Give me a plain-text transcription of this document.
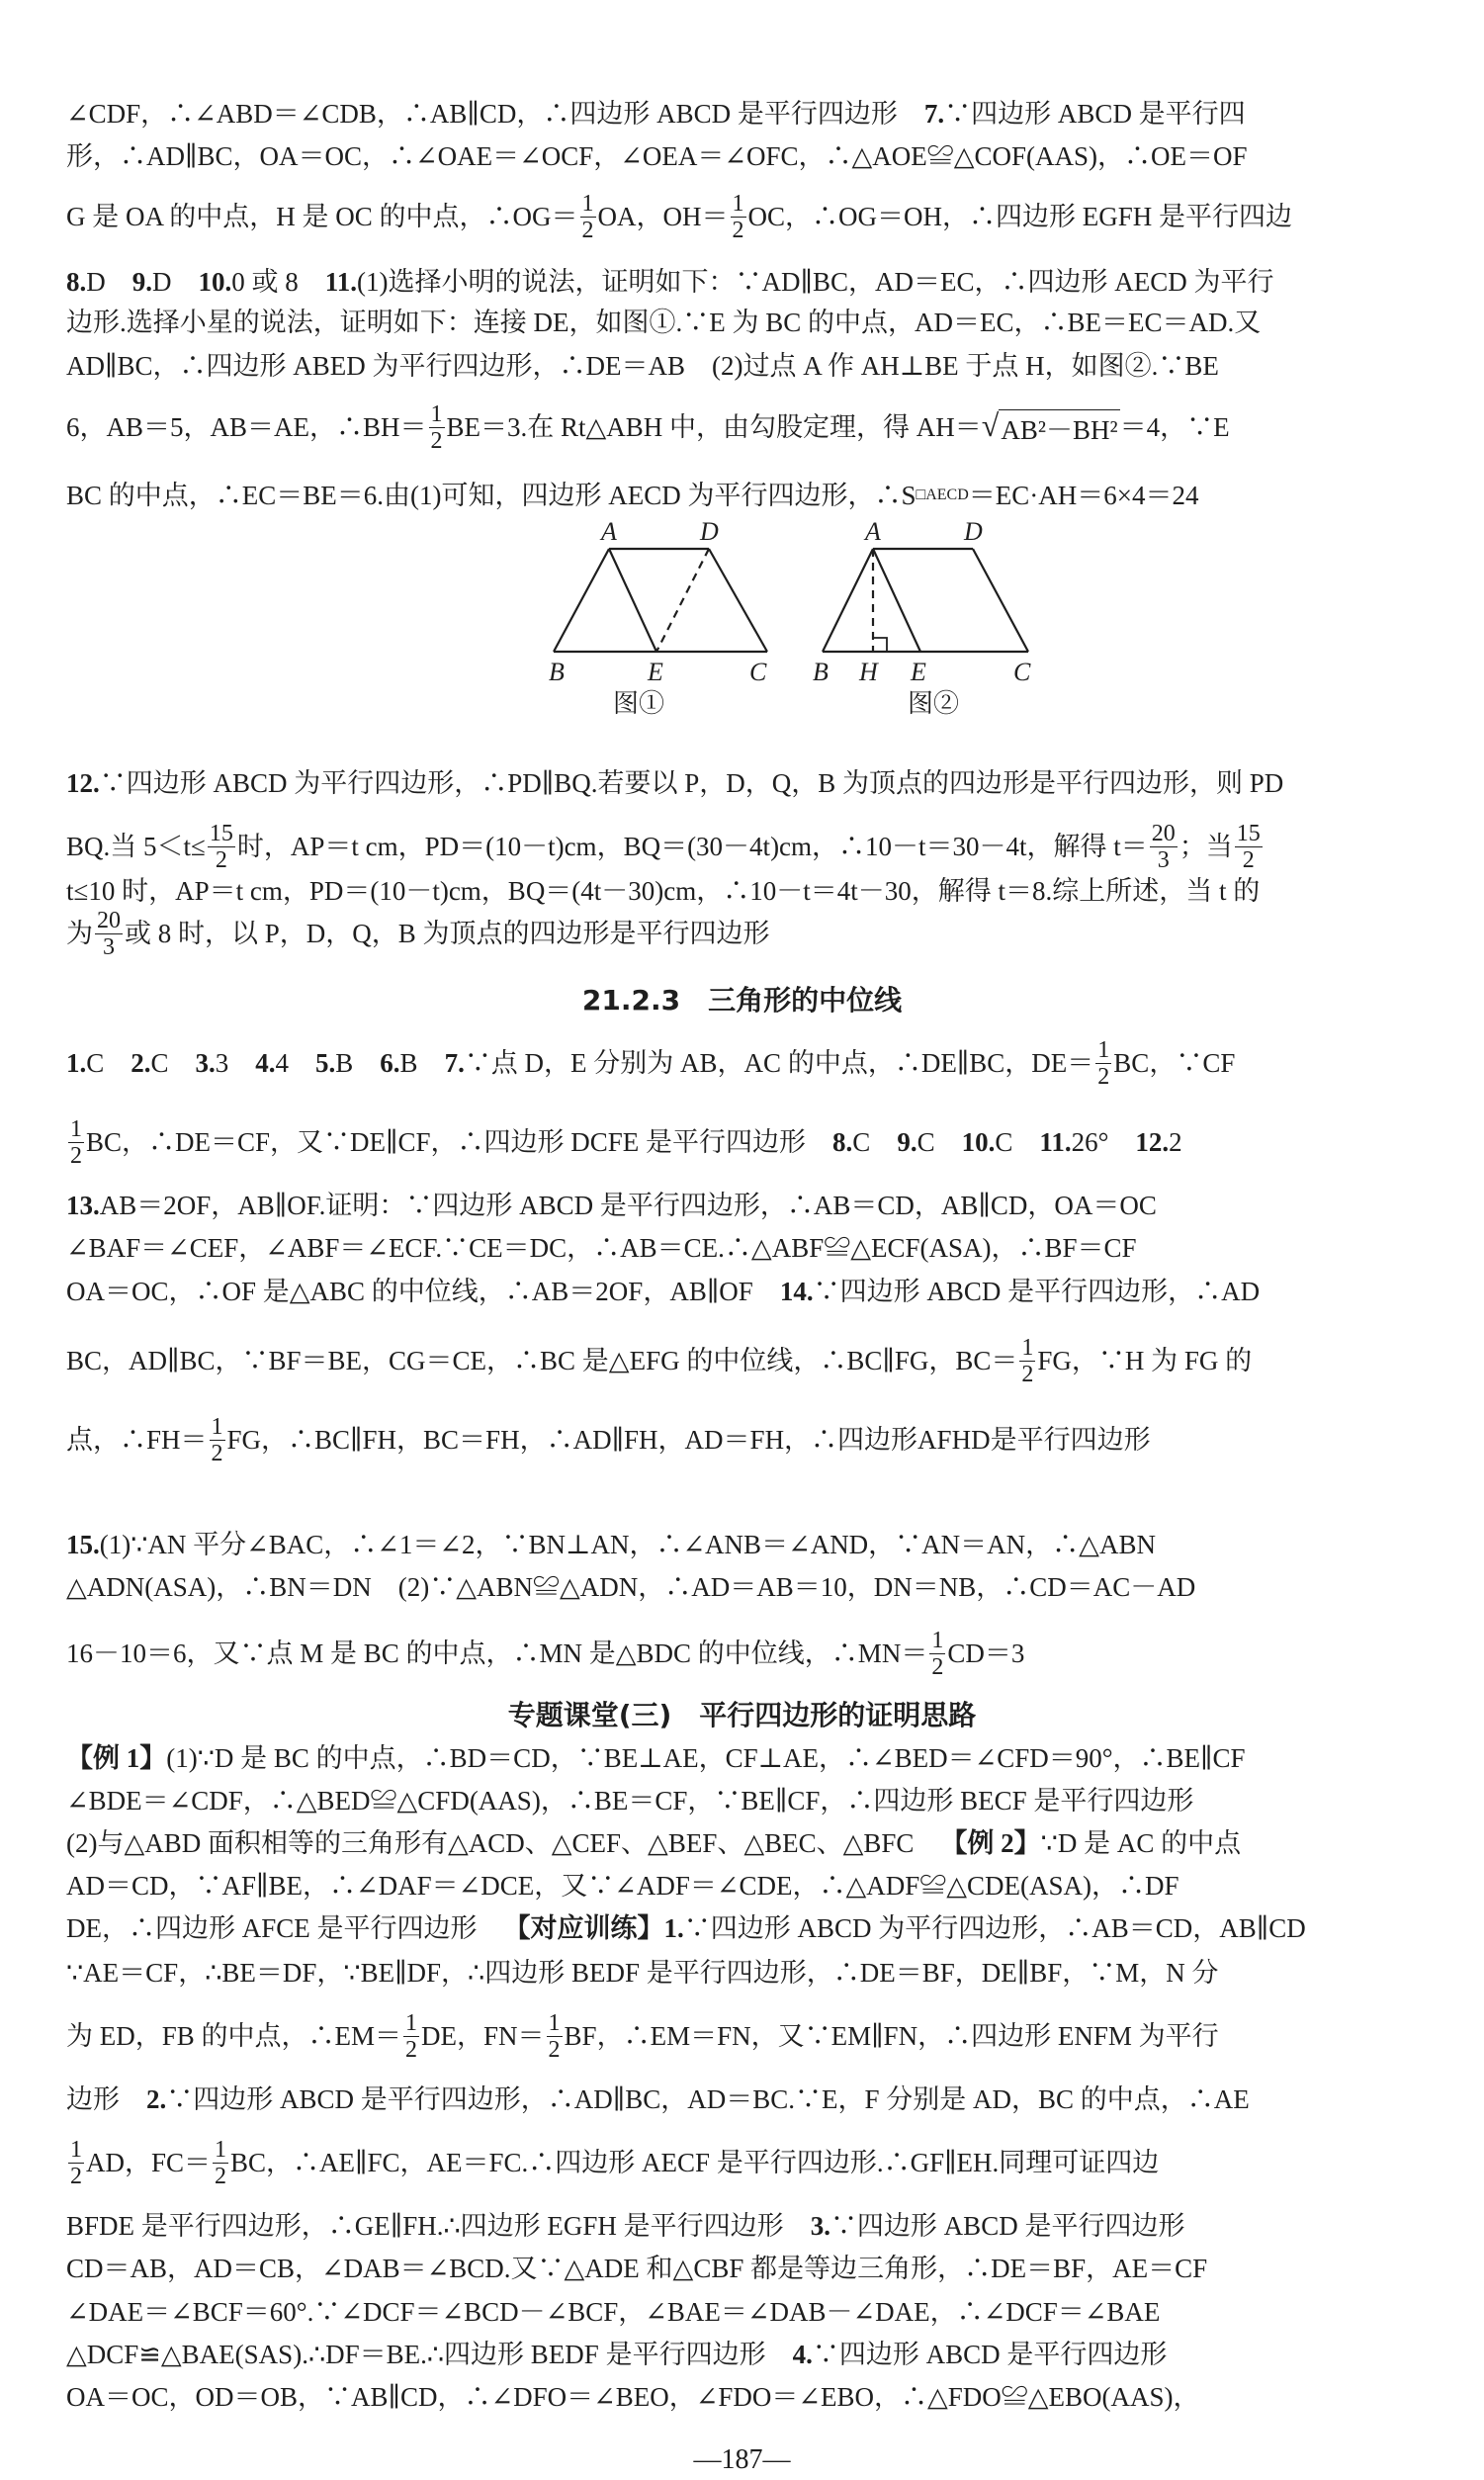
∠CDF，∴∠ABD＝∠CDB，∴AB∥CD，∴四边形 ABCD 是平行四边形　 7. ∵四边形 ABCD 是平行四
形，∴AD∥BC，OA＝OC，∴∠OAE＝∠OCF，∠OEA＝∠OFC，∴△AOE≌△COF(AAS)，∴OE＝OF
G 是 OA 的中点，H 是 OC 的中点，∴OG＝ $\frac{1}{2}$ OA，$OH= \frac{1}{2}$ OC，∴OG＝OH，∴四边形 EGFH 是平行四边
8. D　 9. D　 10. 0 或 8　 11. (1)选择小明的说法，证明如下：∵AD∥BC，AD＝EC，∴四边形 AECD 为平行
边形.选择小星的说法，证明如下：连接 DE，如图①.∵E 为 BC 的中点，AD＝EC，∴BE＝EC＝AD.又
AD∥BC，∴四边形 ABED 为平行四边形，∴DE＝AB　(2)过点 A 作 AH⊥BE 于点 H，如图②.∵BE
6，AB＝5，AB＝AE，∴BH＝ $\frac{1}{2} BE=3$.在 Rt△ABH 中，由勾股定理，得 AH＝ √ AB²－BH² ＝4，∵E
BC 的中点，∴EC＝BE＝6.由(1)可知，四边形 AECD 为平行四边形，∴S □AECD ＝EC·AH＝6×4＝24
12. ∵四边形 ABCD 为平行四边形，∴PD∥BQ.若要以 P，D，Q，B 为顶点的四边形是平行四边形，则 PD
BQ.当 $5<t\le \frac{15}{2}$ 时，AP＝t cm，PD＝(10－t)cm，BQ＝(30－4t)cm，∴10－t＝30－4t，解得 $t= \frac{20}{3}$ ；当 $\frac{15}{2}$
t≤10 时，AP＝t cm，PD＝(10－t)cm，BQ＝(4t－30)cm，∴10－t＝4t－30，解得 t＝8.综上所述，当 t 的
为 $\frac{20}{3}$ 或 8 时，以 P，D，Q，B 为顶点的四边形是平行四边形
1. C　 2. C　 3. 3　 4. 4　 5. B　 6. B　 7. ∵点 D，E 分别为 AB，AC 的中点，∴DE∥BC，$DE= \frac{1}{2}$ BC，∵CF
$\frac{1}{2}$ BC，∴DE＝CF，又∵DE∥CF，∴四边形 DCFE 是平行四边形　 8. C　 9. C　 10. C　 11. 26°　 12. 2
13. AB＝2OF，AB∥OF.证明：∵四边形 ABCD 是平行四边形，∴AB＝CD，AB∥CD，OA＝OC
∠BAF＝∠CEF，∠ABF＝∠ECF.∵CE＝DC，∴AB＝CE.∴△ABF≌△ECF(ASA)，∴BF＝CF
OA＝OC，∴OF 是△ABC 的中位线，∴AB＝2OF，AB∥OF　 14. ∵四边形 ABCD 是平行四边形，∴AD
BC，AD∥BC，∵BF＝BE，CG＝CE，∴BC 是△EFG 的中位线，∴BC∥FG，$BC= \frac{1}{2}$ FG，∵H 为 FG 的
点，∴FH＝ $\frac{1}{2}$ FG，∴BC∥FH，BC＝FH，∴AD∥FH，AD＝FH，∴四边形AFHD是平行四边形
15. (1)∵AN 平分∠BAC，∴∠1＝∠2，∵BN⊥AN，∴∠ANB＝∠AND，∵AN＝AN，∴△ABN
△ADN(ASA)，∴BN＝DN　(2)∵△ABN≌△ADN，∴AD＝AB＝10，DN＝NB，∴CD＝AC－AD
16－10＝6，又∵点 M 是 BC 的中点，∴MN 是△BDC 的中位线，∴MN＝ $\frac{1}{2} CD=3$
【例 1】 (1)∵D 是 BC 的中点，∴BD＝CD，∵BE⊥AE，CF⊥AE，∴∠BED＝∠CFD＝90°，∴BE∥CF
∠BDE＝∠CDF，∴△BED≌△CFD(AAS)，∴BE＝CF，∵BE∥CF，∴四边形 BECF 是平行四边形
(2)与△ABD 面积相等的三角形有△ACD、△CEF、△BEF、△BEC、△BFC　 【例 2】 ∵D 是 AC 的中点
AD＝CD，∵AF∥BE，∴∠DAF＝∠DCE，又∵∠ADF＝∠CDE，∴△ADF≌△CDE(ASA)，∴DF
DE，∴四边形 AFCE 是平行四边形　 【对应训练】1. ∵四边形 ABCD 为平行四边形，∴AB＝CD，AB∥CD
∵AE＝CF，∴BE＝DF，∵BE∥DF，∴四边形 BEDF 是平行四边形，∴DE＝BF，DE∥BF，∵M，N 分
为 ED，FB 的中点，∴EM＝ $\frac{1}{2}$ DE，$FN= \frac{1}{2}$ BF，∴EM＝FN，又∵EM∥FN，∴四边形 ENFM 为平行
边形　 2. ∵四边形 ABCD 是平行四边形，∴AD∥BC，AD＝BC.∵E，F 分别是 AD，BC 的中点，∴AE
$\frac{1}{2}$ AD，$FC= \frac{1}{2}$ BC，∴AE∥FC，AE＝FC.∴四边形 AECF 是平行四边形.∴GF∥EH.同理可证四边
BFDE 是平行四边形，∴GE∥FH.∴四边形 EGFH 是平行四边形　 3. ∵四边形 ABCD 是平行四边形
CD＝AB，AD＝CB，∠DAB＝∠BCD.又∵△ADE 和△CBF 都是等边三角形，∴DE＝BF，AE＝CF
∠DAE＝∠BCF＝60°.∵∠DCF＝∠BCD－∠BCF，∠BAE＝∠DAB－∠DAE，∴∠DCF＝∠BAE
△DCF≌△BAE(SAS).∴DF＝BE.∴四边形 BEDF 是平行四边形　 4. ∵四边形 ABCD 是平行四边形
OA＝OC，OD＝OB，∵AB∥CD，∴∠DFO＝∠BEO，∠FDO＝∠EBO，∴△FDO≌△EBO(AAS)，
21.2.3　三角形的中位线
专题课堂(三)　平行四边形的证明思路
A	D
B	E	C
图①
A	D
B H E	C
图②
—187—
